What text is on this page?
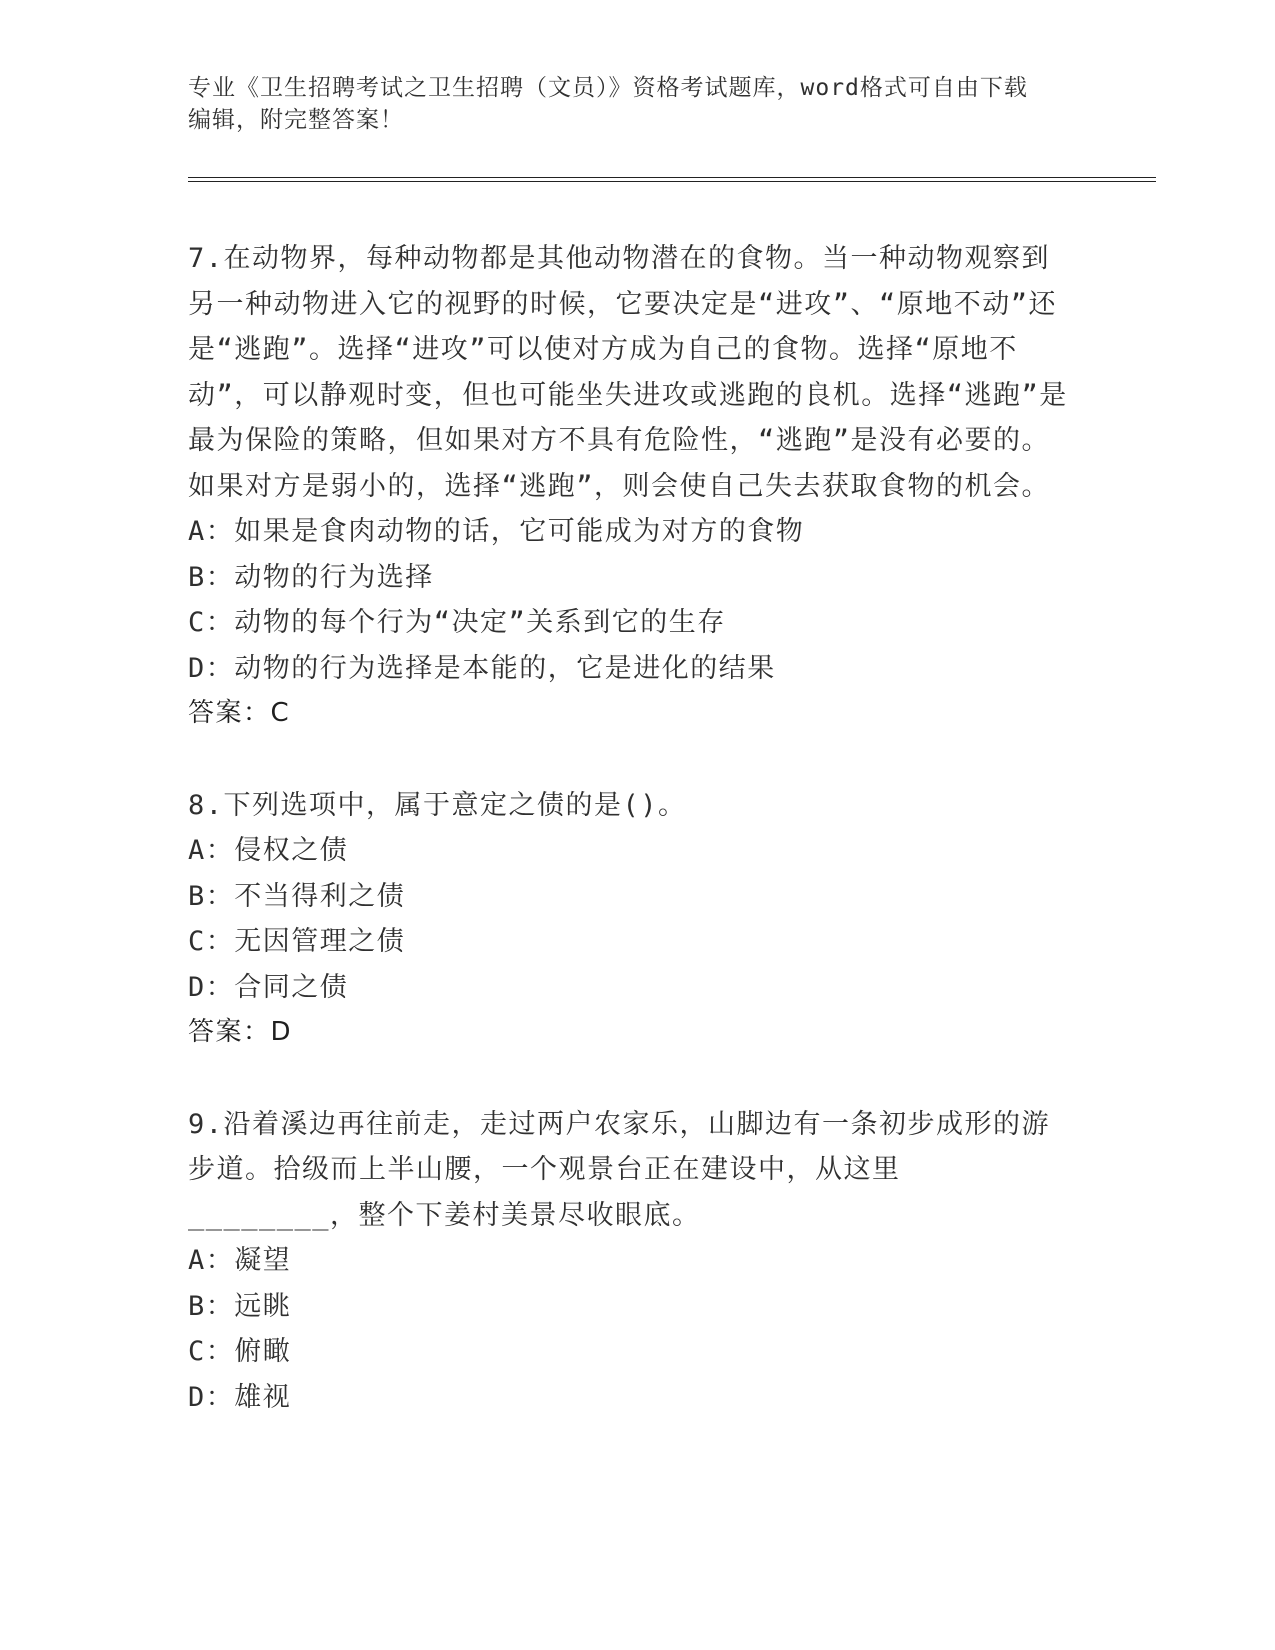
专业《卫生招聘考试之卫生招聘（文员）》资格考试题库，word格式可自由下载
编辑，附完整答案！

7.在动物界，每种动物都是其他动物潜在的食物。当一种动物观察到另一种动物进入它的视野的时候，它要决定是“进攻”、“原地不动”还是“逃跑”。选择“进攻”可以使对方成为自己的食物。选择“原地不动”，可以静观时变，但也可能坐失进攻或逃跑的良机。选择“逃跑”是最为保险的策略，但如果对方不具有危险性，“逃跑”是没有必要的。如果对方是弱小的，选择“逃跑”，则会使自己失去获取食物的机会。

A：如果是食肉动物的话，它可能成为对方的食物

B：动物的行为选择

C：动物的每个行为“决定”关系到它的生存

D：动物的行为选择是本能的，它是进化的结果

答案：C

8.下列选项中，属于意定之债的是()。

A：侵权之债

B：不当得利之债

C：无因管理之债

D：合同之债

答案：D

9.沿着溪边再往前走，走过两户农家乐，山脚边有一条初步成形的游步道。拾级而上半山腰，一个观景台正在建设中，从这里________，整个下姜村美景尽收眼底。

A：凝望

B：远眺

C：俯瞰

D：雄视
